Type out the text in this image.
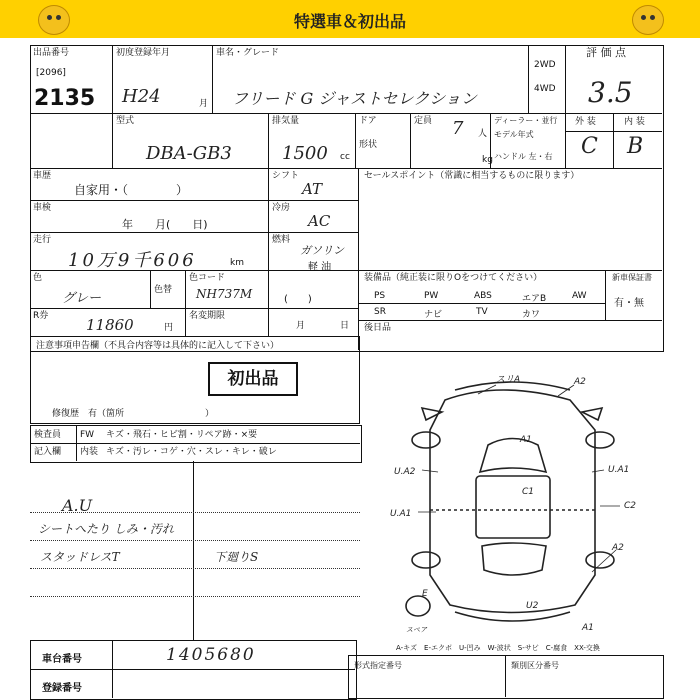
特選車＆初出品
出品番号
[2096]
2135
初度登録年月
H24	月
車名・グレード
フリード G ジャストセレクション
2WD
4WD
評 価 点
3.5
外 装	内 装
C B
型式
DBA-GB3
排気量
1500 cc
ドア
形状
定員 7 人
kg
ディーラー・並行
モデル年式
ハンドル 左・右
車歴
自家用・（　　　　）
シフト
AT
セールスポイント（常識に相当するものに限ります）
車検
年　　月(　　日)
冷房
AC
走行
10万9千606	km
燃料
ガソリン
軽 油
色
グレー
色替
色コード
NH737M	(　　)
装備品（純正装に限りOをつけてください）	新車保証書
有・無
PS	PW	ABS	エアB	AW
SR	ナビ	TV	カワ
後日品
R券	11860	円
名変期限
月	日
注意事項申告欄（不具合内容等は具体的に記入して下さい）
初出品
修復歴　有（箇所　　　　　　　　　）
検査員
記入欄
FW キズ・飛石・ヒビ割・リペア跡・×要
内装 キズ・汚レ・コゲ・穴・スレ・キレ・破レ
A.U
シートへたり しみ・汚れ
スタッドレスT	下廻りS
スリA	A2
A1
U.A2	U.A1
C1
U.A1
C2
A2
E
スペア
U2
A1
A-キズ　E-エクボ　U-凹み　W-波状　S-サビ　C-腐食　XX-交換
車台番号	1405680
登録番号
形式指定番号	類別区分番号
